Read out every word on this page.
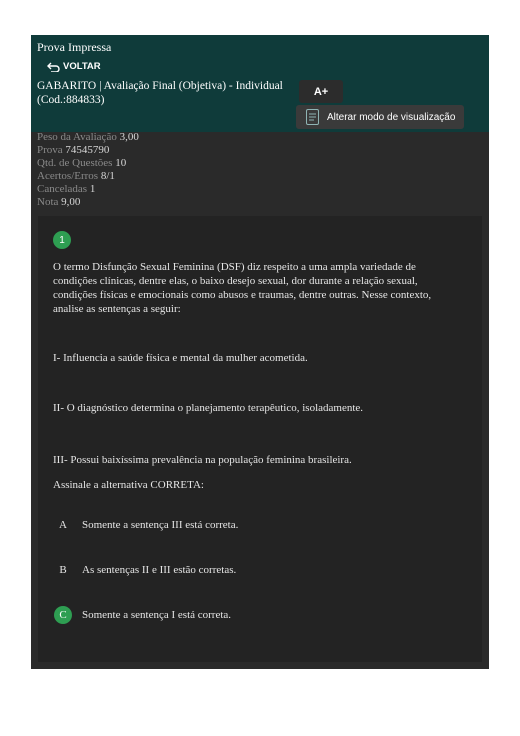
Prova Impressa
VOLTAR
GABARITO | Avaliação Final (Objetiva) - Individual (Cod.:884833)
A+
Alterar modo de visualização
Peso da Avaliação 3,00
Prova 74545790
Qtd. de Questões 10
Acertos/Erros 8/1
Canceladas 1
Nota 9,00
1
O termo Disfunção Sexual Feminina (DSF) diz respeito a uma ampla variedade de condições clínicas, dentre elas, o baixo desejo sexual, dor durante a relação sexual, condições físicas e emocionais como abusos e traumas, dentre outras. Nesse contexto, analise as sentenças a seguir:
I- Influencia a saúde física e mental da mulher acometida.
II- O diagnóstico determina o planejamento terapêutico, isoladamente.
III- Possui baixíssima prevalência na população feminina brasileira.
Assinale a alternativa CORRETA:
A	Somente a sentença III está correta.
B	As sentenças II e III estão corretas.
C	Somente a sentença I está correta.
